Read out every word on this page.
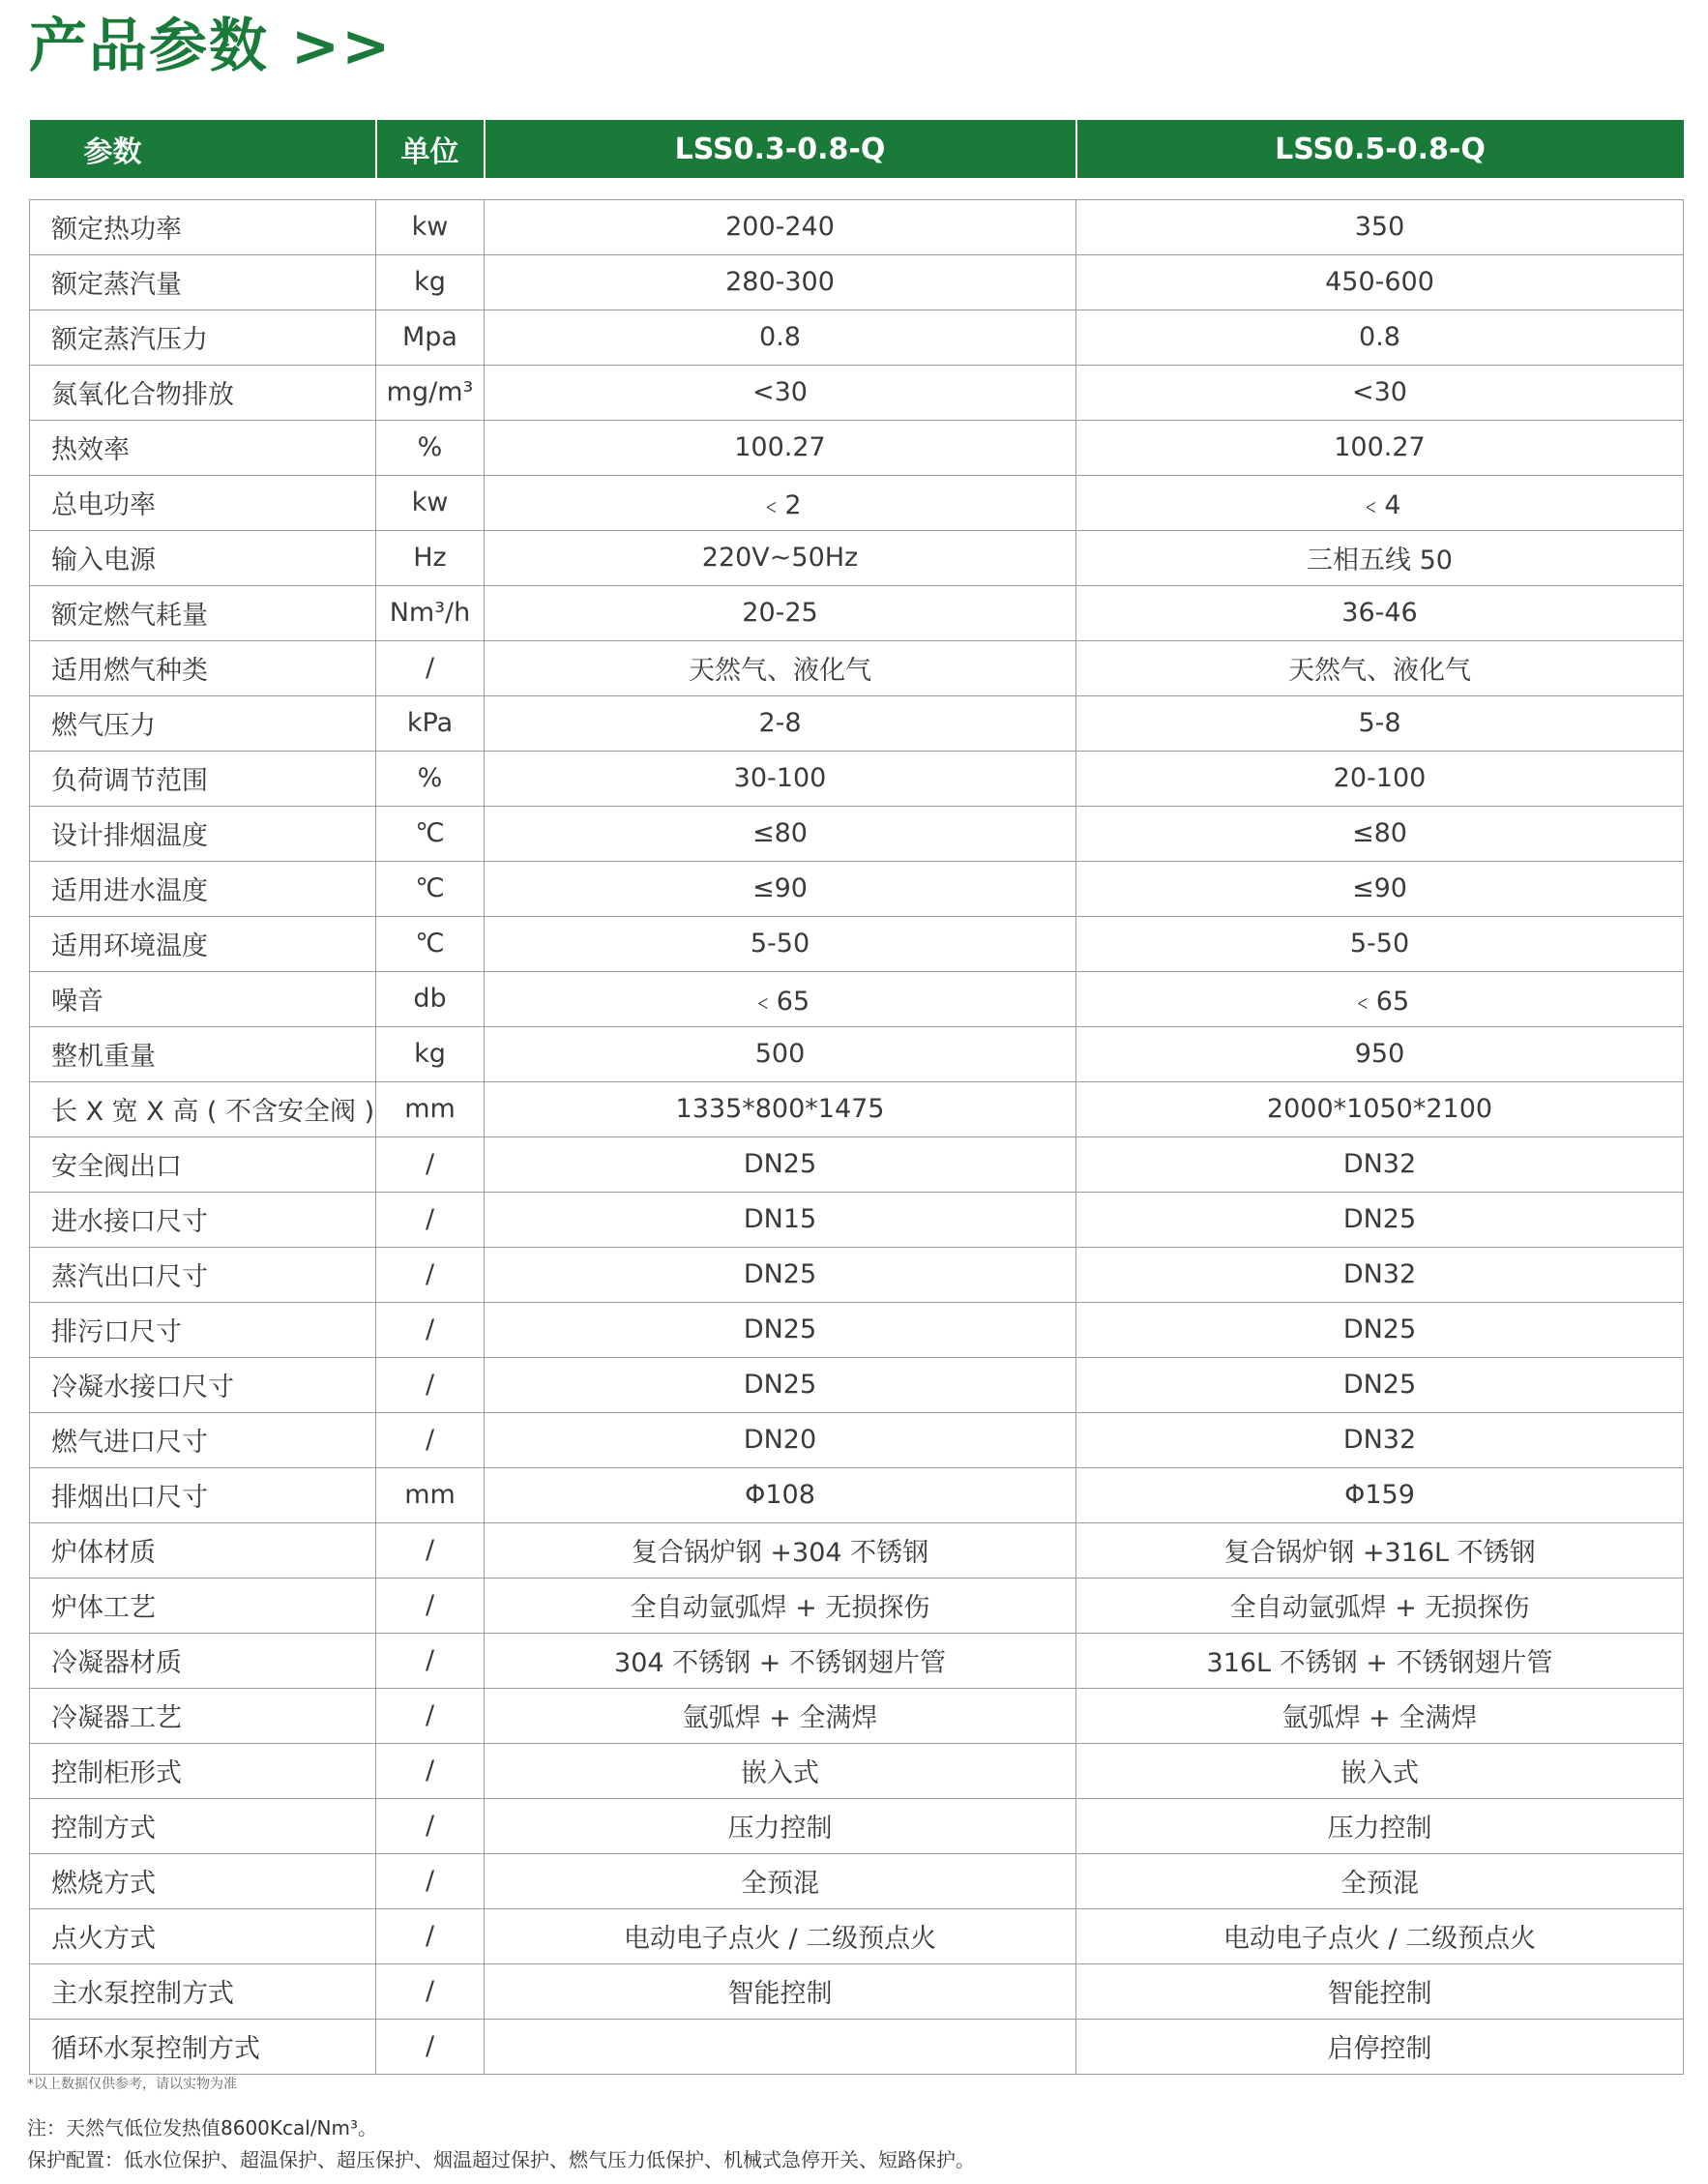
产品参数 >>
参数	单位	LSS0.3-0.8-Q	LSS0.5-0.8-Q

额定热功率	kw	200-240	350
额定蒸汽量	kg	280-300	450-600
额定蒸汽压力	Mpa	0.8	0.8
氮氧化合物排放	mg/m³	<30	<30
热效率	%	100.27	100.27
总电功率	kw	﹤2	﹤4
输入电源	Hz	220V~50Hz	三相五线 50
额定燃气耗量	Nm³/h	20-25	36-46
适用燃气种类	/	天然气、液化气	天然气、液化气
燃气压力	kPa	2-8	5-8
负荷调节范围	%	30-100	20-100
设计排烟温度	℃	≤80	≤80
适用进水温度	℃	≤90	≤90
适用环境温度	℃	5-50	5-50
噪音	db	﹤65	﹤65
整机重量	kg	500	950
长 X 宽 X 高 ( 不含安全阀 )	mm	1335*800*1475	2000*1050*2100
安全阀出口	/	DN25	DN32
进水接口尺寸	/	DN15	DN25
蒸汽出口尺寸	/	DN25	DN32
排污口尺寸	/	DN25	DN25
冷凝水接口尺寸	/	DN25	DN25
燃气进口尺寸	/	DN20	DN32
排烟出口尺寸	mm	Φ108	Φ159
炉体材质	/	复合锅炉钢 +304 不锈钢	复合锅炉钢 +316L 不锈钢
炉体工艺	/	全自动氩弧焊 + 无损探伤	全自动氩弧焊 + 无损探伤
冷凝器材质	/	304 不锈钢 + 不锈钢翅片管	316L 不锈钢 + 不锈钢翅片管
冷凝器工艺	/	氩弧焊 + 全满焊	氩弧焊 + 全满焊
控制柜形式	/	嵌入式	嵌入式
控制方式	/	压力控制	压力控制
燃烧方式	/	全预混	全预混
点火方式	/	电动电子点火 / 二级预点火	电动电子点火 / 二级预点火
主水泵控制方式	/	智能控制	智能控制
循环水泵控制方式	/		启停控制
*以上数据仅供参考，请以实物为准
注：天然气低位发热值8600Kcal/Nm³。
保护配置：低水位保护、超温保护、超压保护、烟温超过保护、燃气压力低保护、机械式急停开关、短路保护。
